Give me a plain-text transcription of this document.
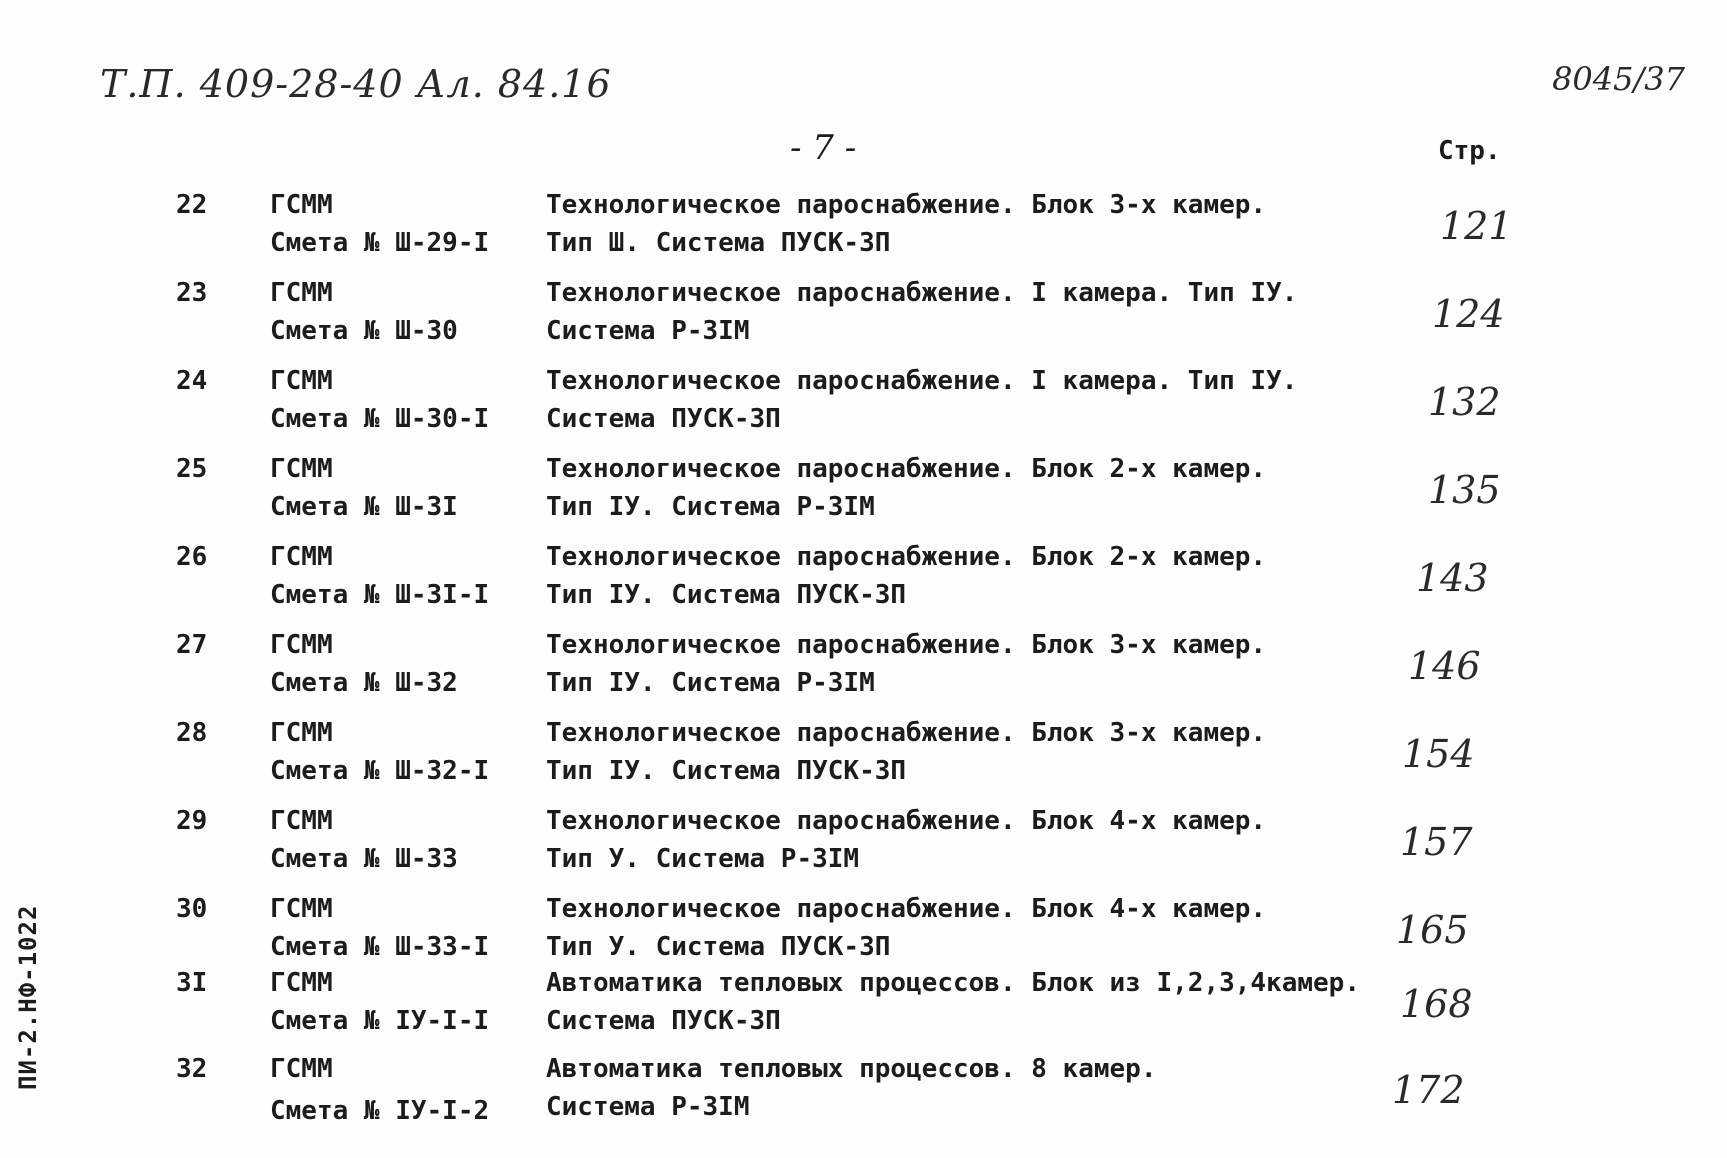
Т.П. 409-28-40 Ал. 84.16	8045/37
- 7 -	Стр.
ПИ-2.НФ-1022
22 ГСММ
Смета № Ш-29-I
Технологическое пароснабжение. Блок 3-х камер.
Тип Ш. Система ПУСК-3П	121
23 ГСММ
Смета № Ш-30
Технологическое пароснабжение. I камера. Тип IУ.
Система Р-3IМ	124
24 ГСММ
Смета № Ш-30-I
Технологическое пароснабжение. I камера. Тип IУ.
Система ПУСК-3П	132
25 ГСММ
Смета № Ш-3I
Технологическое пароснабжение. Блок 2-х камер.
Тип IУ. Система Р-3IМ	135
26 ГСММ
Смета № Ш-3I-I
Технологическое пароснабжение. Блок 2-х камер.
Тип IУ. Система ПУСК-3П	143
27 ГСММ
Смета № Ш-32
Технологическое пароснабжение. Блок 3-х камер.
Тип IУ. Система Р-3IМ	146
28 ГСММ
Смета № Ш-32-I
Технологическое пароснабжение. Блок 3-х камер.
Тип IУ. Система ПУСК-3П	154
29 ГСММ
Смета № Ш-33
Технологическое пароснабжение. Блок 4-х камер.
Тип У. Система Р-3IМ	157
30 ГСММ
Смета № Ш-33-I
Технологическое пароснабжение. Блок 4-х камер.
Тип У. Система ПУСК-3П	165
3I ГСММ
Смета № IУ-I-I
Автоматика тепловых процессов. Блок из I,2,3,4камер.
Система ПУСК-3П	168
32 ГСММ
Смета № IУ-I-2
Автоматика тепловых процессов. 8 камер.
Система Р-3IМ	172
